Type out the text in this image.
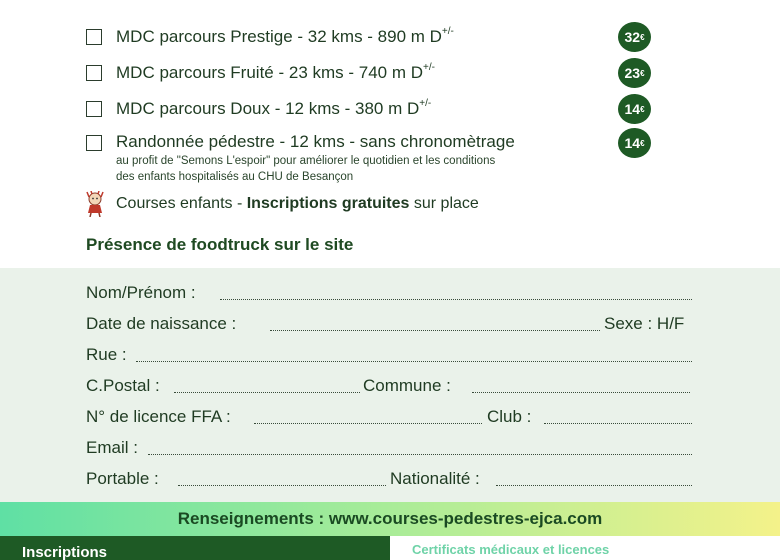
MDC parcours Prestige - 32 kms - 890 m D+/-	32 €
MDC parcours Fruité - 23 kms - 740 m D+/-	23 €
MDC parcours Doux - 12 kms - 380 m D+/-	14 €
Randonnée pédestre - 12 kms - sans chronomètrage	14 €
au profit de "Semons L'espoir" pour améliorer le quotidien et les conditions
des enfants hospitalisés au CHU de Besançon
Courses enfants - Inscriptions gratuites sur place
Présence de foodtruck sur le site
Nom/Prénom :
Date de naissance :	Sexe : H/F
Rue :
C.Postal :	Commune :
N° de licence FFA :	Club :
Email :
Portable :	Nationalité :
Renseignements : www.courses-pedestres-ejca.com
Inscriptions	Certificats médicaux et licences
